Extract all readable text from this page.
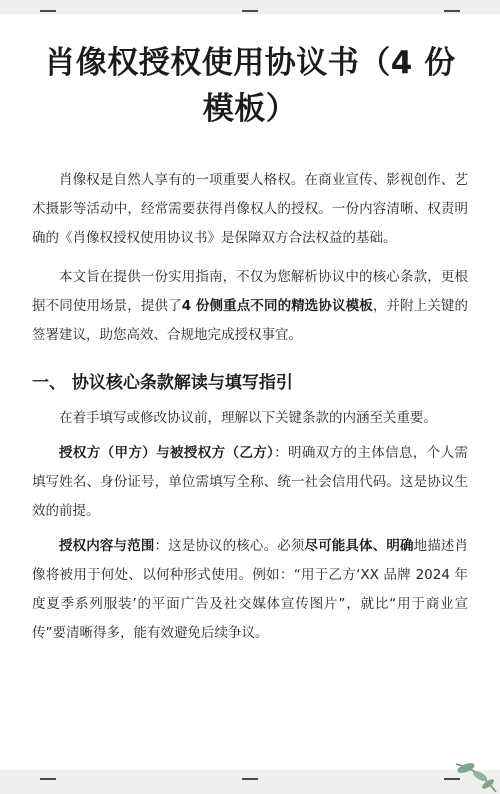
肖像权授权使用协议书（4 份模板）

肖像权是自然人享有的一项重要人格权。在商业宣传、影视创作、艺术摄影等活动中，经常需要获得肖像权人的授权。一份内容清晰、权责明确的《肖像权授权使用协议书》是保障双方合法权益的基础。

本文旨在提供一份实用指南，不仅为您解析协议中的核心条款，更根据不同使用场景，提供了4 份侧重点不同的精选协议模板，并附上关键的签署建议，助您高效、合规地完成授权事宜。

一、 协议核心条款解读与填写指引

在着手填写或修改协议前，理解以下关键条款的内涵至关重要。

授权方（甲方）与被授权方（乙方）：明确双方的主体信息，个人需填写姓名、身份证号，单位需填写全称、统一社会信用代码。这是协议生效的前提。

授权内容与范围：这是协议的核心。必须尽可能具体、明确地描述肖像将被用于何处、以何种形式使用。例如：“用于乙方‘XX 品牌 2024 年度夏季系列服装’的平面广告及社交媒体宣传图片”，就比“用于商业宣传”要清晰得多，能有效避免后续争议。
